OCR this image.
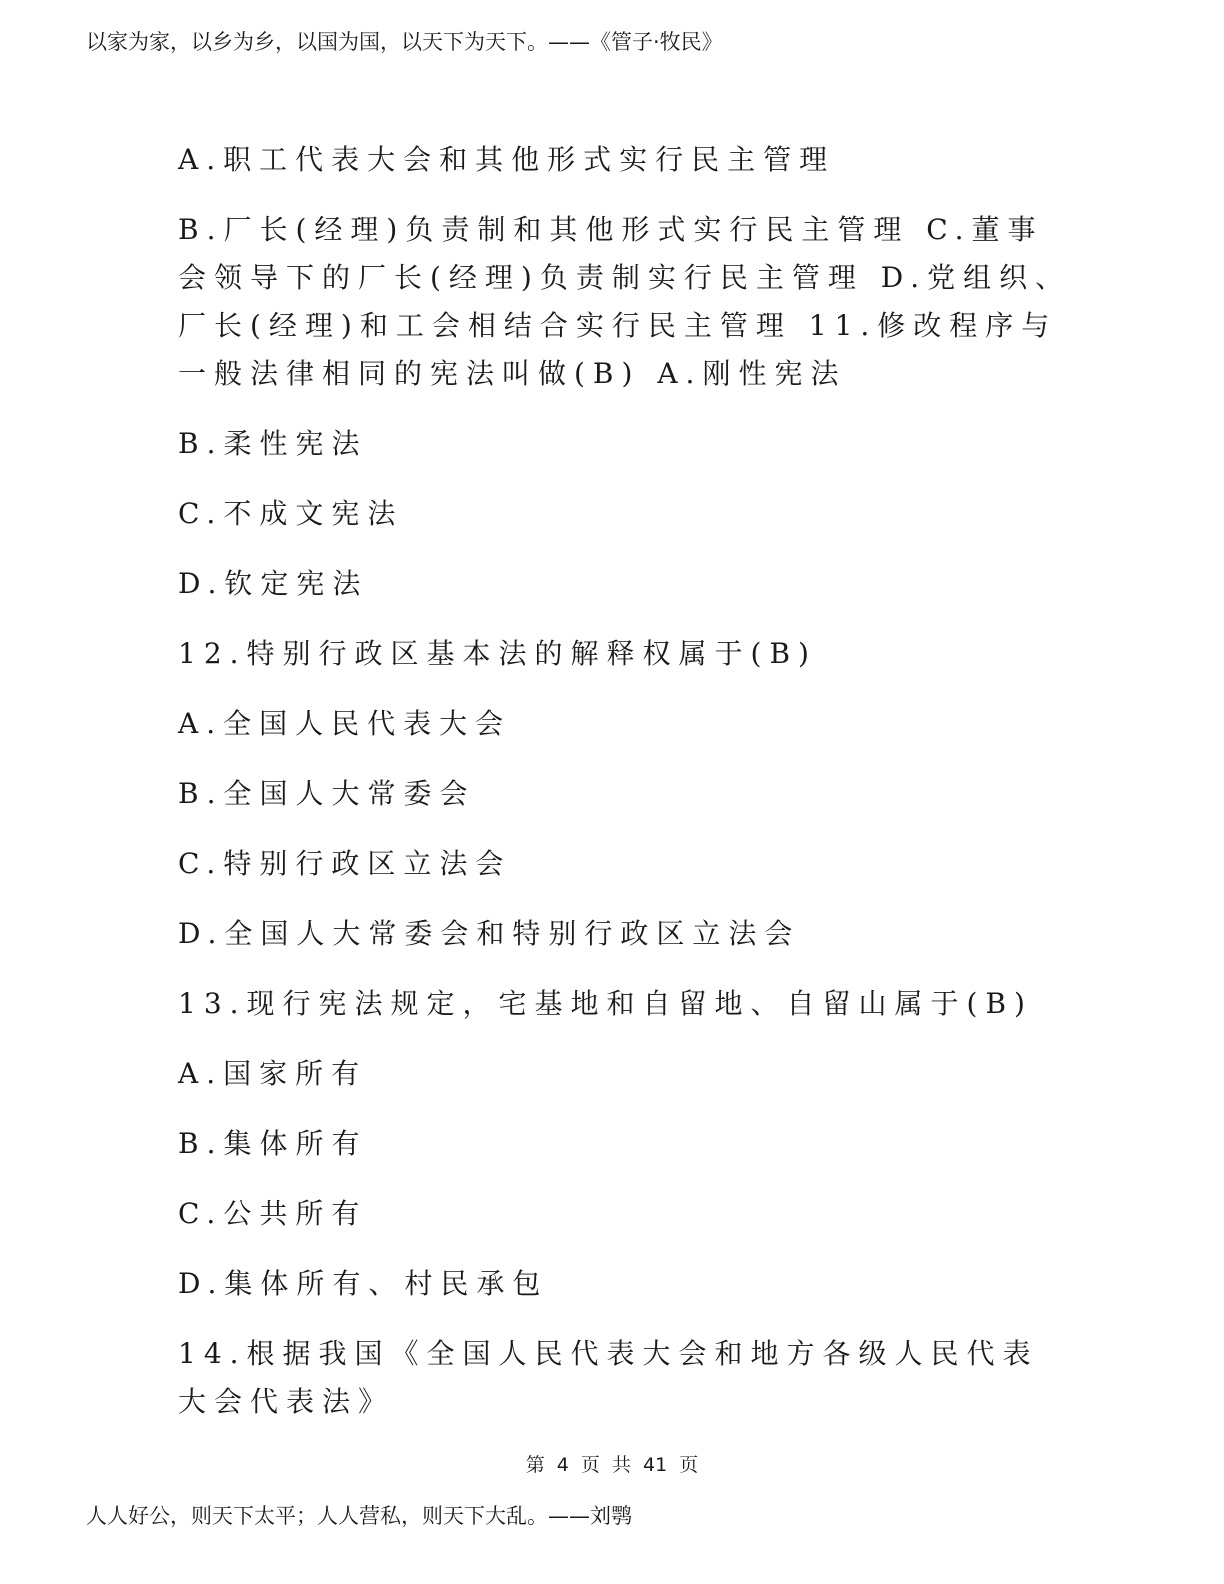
以家为家，以乡为乡，以国为国，以天下为天下。——《管子·牧民》

A.职工代表大会和其他形式实行民主管理

B.厂长(经理)负责制和其他形式实行民主管理 C.董事
会领导下的厂长(经理)负责制实行民主管理 D.党组织、
厂长(经理)和工会相结合实行民主管理 11.修改程序与
一般法律相同的宪法叫做(B) A.刚性宪法

B.柔性宪法

C.不成文宪法

D.钦定宪法

12.特别行政区基本法的解释权属于(B)

A.全国人民代表大会

B.全国人大常委会

C.特别行政区立法会

D.全国人大常委会和特别行政区立法会

13.现行宪法规定，宅基地和自留地、自留山属于(B)

A.国家所有

B.集体所有

C.公共所有

D.集体所有、村民承包

14.根据我国《全国人民代表大会和地方各级人民代表
大会代表法》

第 4 页 共 41 页
人人好公，则天下太平；人人营私，则天下大乱。——刘鹗
